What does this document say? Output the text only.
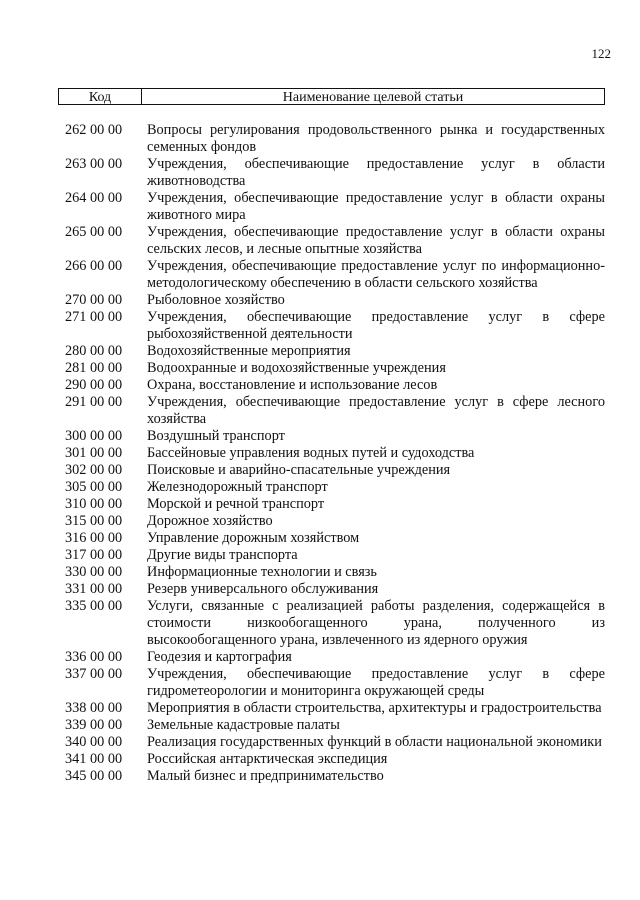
122
Код	Наименование целевой статьи
262 00 00	Вопросы регулирования продовольственного рынка и государственных семенных фондов
263 00 00	Учреждения, обеспечивающие предоставление услуг в области животноводства
264 00 00	Учреждения, обеспечивающие предоставление услуг в области охраны животного мира
265 00 00	Учреждения, обеспечивающие предоставление услуг в области охраны сельских лесов, и лесные опытные хозяйства
266 00 00	Учреждения, обеспечивающие предоставление услуг по информационно-методологическому обеспечению в области сельского хозяйства
270 00 00	Рыболовное хозяйство
271 00 00	Учреждения, обеспечивающие предоставление услуг в сфере рыбохозяйственной деятельности
280 00 00	Водохозяйственные мероприятия
281 00 00	Водоохранные и водохозяйственные учреждения
290 00 00	Охрана, восстановление и использование лесов
291 00 00	Учреждения, обеспечивающие предоставление услуг в сфере лесного хозяйства
300 00 00	Воздушный транспорт
301 00 00	Бассейновые управления водных путей и судоходства
302 00 00	Поисковые и аварийно-спасательные учреждения
305 00 00	Железнодорожный транспорт
310 00 00	Морской и речной транспорт
315 00 00	Дорожное хозяйство
316 00 00	Управление дорожным хозяйством
317 00 00	Другие виды транспорта
330 00 00	Информационные технологии и связь
331 00 00	Резерв универсального обслуживания
335 00 00	Услуги, связанные с реализацией работы разделения, содержащейся в стоимости низкообогащенного урана, полученного из высокообогащенного урана, извлеченного из ядерного оружия
336 00 00	Геодезия и картография
337 00 00	Учреждения, обеспечивающие предоставление услуг в сфере гидрометеорологии и мониторинга окружающей среды
338 00 00	Мероприятия в области строительства, архитектуры и градостроительства
339 00 00	Земельные кадастровые палаты
340 00 00	Реализация государственных функций в области национальной экономики
341 00 00	Российская антарктическая экспедиция
345 00 00	Малый бизнес и предпринимательство
